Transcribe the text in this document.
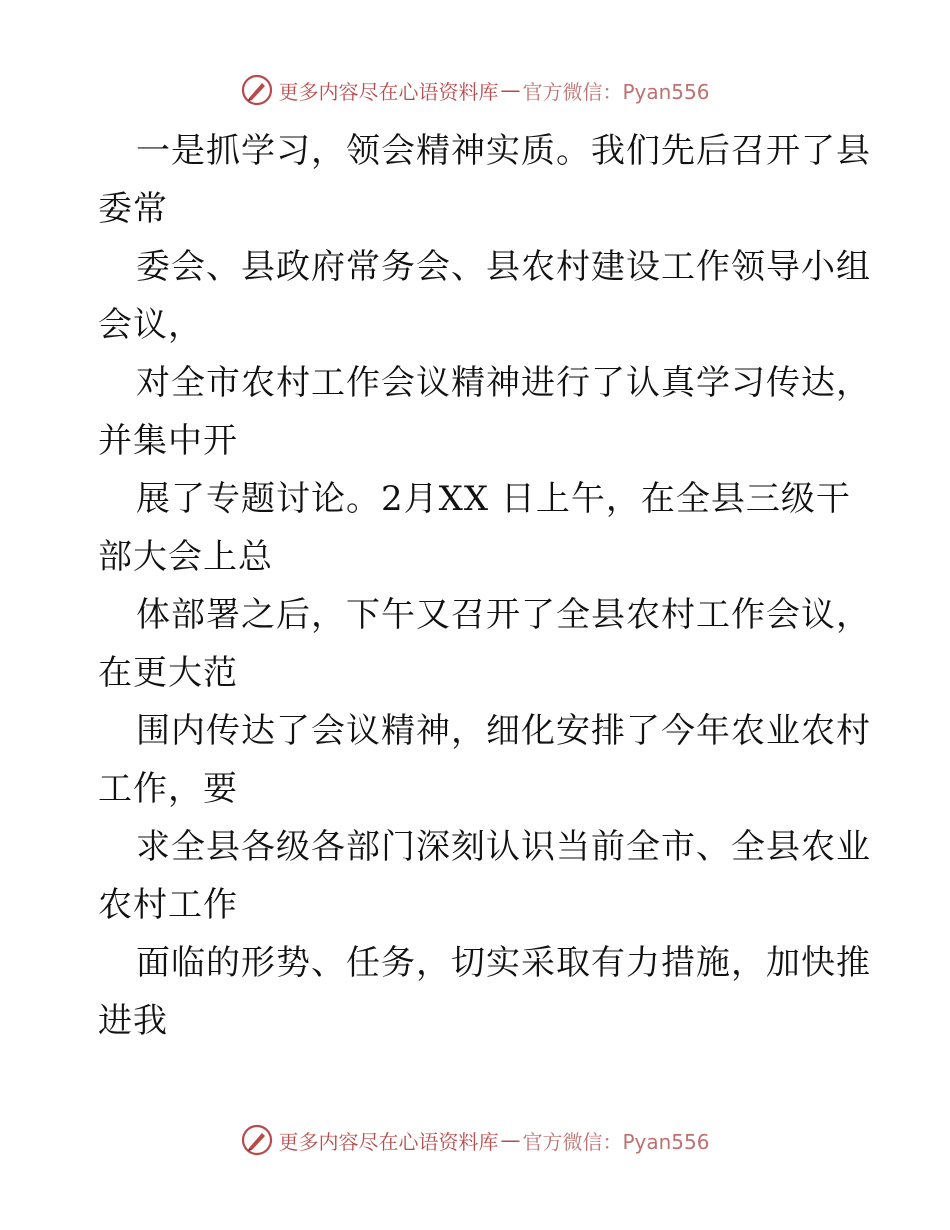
更多内容尽在心语资料库 — 官方微信：Pyan556
一是抓学习，领会精神实质。我们先后召开了县
委常
委会、县政府常务会、县农村建设工作领导小组
会议，
对全市农村工作会议精神进行了认真学习传达，
并集中开
展了专题讨论。2月XX 日上午，在全县三级干
部大会上总
体部署之后，下午又召开了全县农村工作会议，
在更大范
围内传达了会议精神，细化安排了今年农业农村
工作，要
求全县各级各部门深刻认识当前全市、全县农业
农村工作
面临的形势、任务，切实采取有力措施，加快推
进我
更多内容尽在心语资料库 — 官方微信：Pyan556
